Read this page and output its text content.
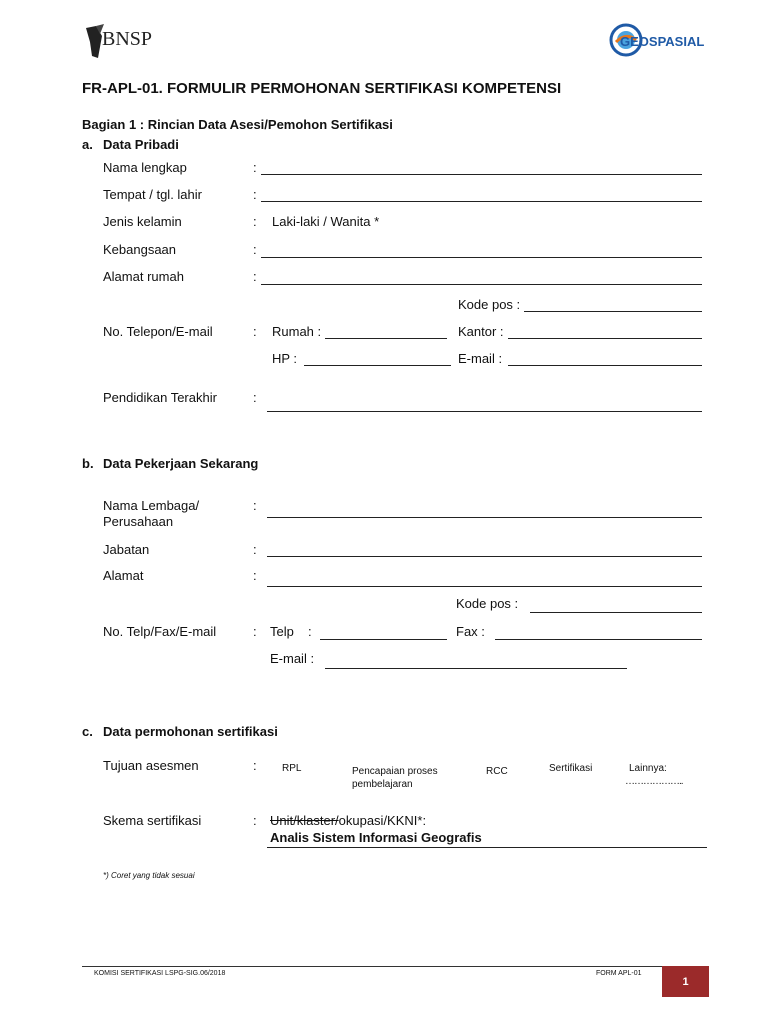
BNSP	GEOSPASIAL
FR-APL-01. FORMULIR PERMOHONAN SERTIFIKASI KOMPETENSI
Bagian 1 : Rincian Data Asesi/Pemohon Sertifikasi
a. Data Pribadi
Nama lengkap	:
Tempat / tgl. lahir	:
Jenis kelamin	: Laki-laki / Wanita *
Kebangsaan	:
Alamat rumah	:
Kode pos :
No. Telepon/E-mail	: Rumah :	Kantor :
HP :	E-mail :
Pendidikan Terakhir	:
b. Data Pekerjaan Sekarang
Nama Lembaga/
Perusahaan
:
Jabatan	:
Alamat	:
Kode pos :
No. Telp/Fax/E-mail	: Telp :	Fax :
E-mail :
c. Data permohonan sertifikasi
Tujuan asesmen	:	RPL	Pencapaian proses
pembelajaran
RCC	Sertifikasi	Lainnya:
………………..
Skema sertifikasi	: Unit/klaster/okupasi/KKNI*:
Analis Sistem Informasi Geografis
*) Coret yang tidak sesuai
KOMISI SERTIFIKASI LSPG-SIG.06/2018	FORM APL-01
1
